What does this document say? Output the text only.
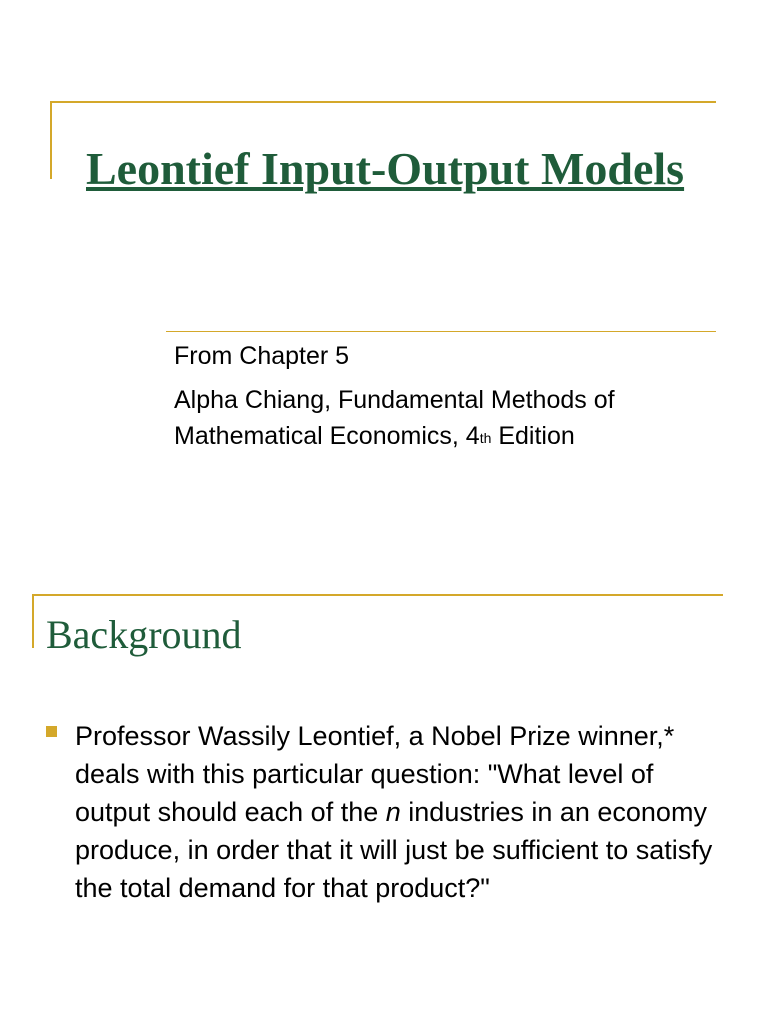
Leontief Input-Output Models

From Chapter 5

Alpha Chiang, Fundamental Methods of Mathematical Economics, 4th Edition

Background

Professor Wassily Leontief, a Nobel Prize winner,* deals with this particular question: "What level of output should each of the n industries in an economy produce, in order that it will just be sufficient to satisfy the total demand for that product?"
